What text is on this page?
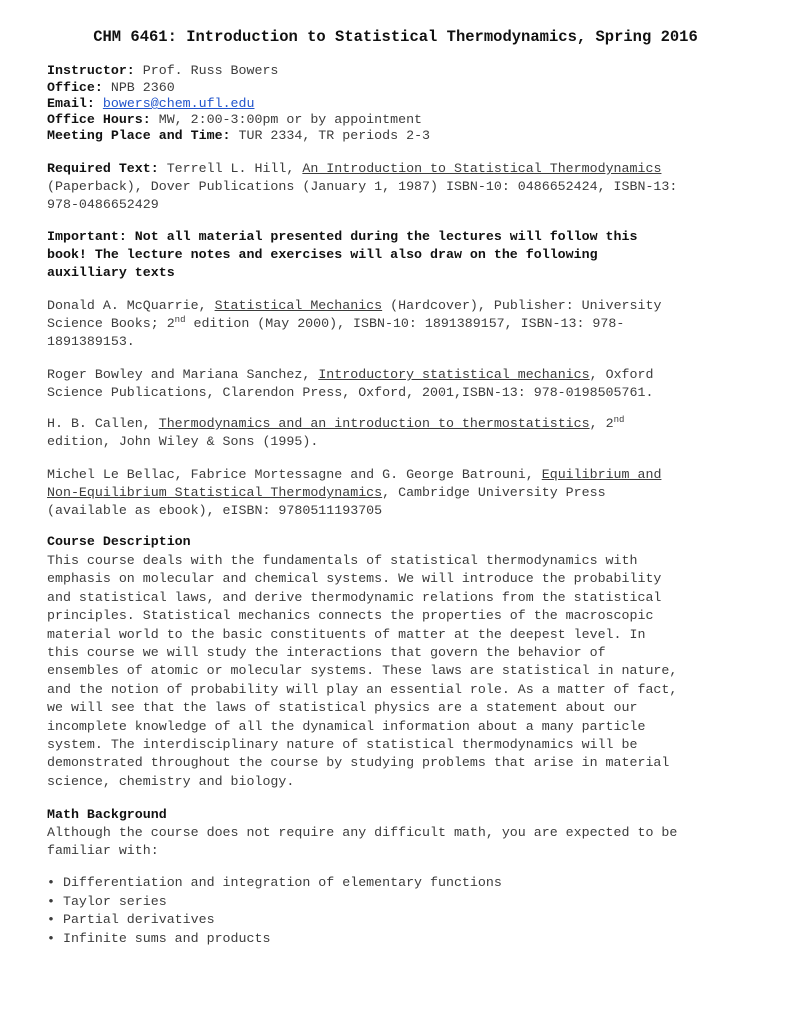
CHM 6461: Introduction to Statistical Thermodynamics, Spring 2016
Instructor: Prof. Russ Bowers
Office: NPB 2360
Email: bowers@chem.ufl.edu
Office Hours: MW, 2:00-3:00pm or by appointment
Meeting Place and Time: TUR 2334, TR periods 2-3
Required Text: Terrell L. Hill, An Introduction to Statistical Thermodynamics
(Paperback), Dover Publications (January 1, 1987) ISBN-10: 0486652424, ISBN-13:
978-0486652429
Important: Not all material presented during the lectures will follow this
book! The lecture notes and exercises will also draw on the following
auxilliary texts
Donald A. McQuarrie, Statistical Mechanics (Hardcover), Publisher: University
Science Books; 2nd edition (May 2000), ISBN-10: 1891389157, ISBN-13: 978-
1891389153.
Roger Bowley and Mariana Sanchez, Introductory statistical mechanics, Oxford
Science Publications, Clarendon Press, Oxford, 2001,ISBN-13: 978-0198505761.
H. B. Callen, Thermodynamics and an introduction to thermostatistics, 2nd
edition, John Wiley & Sons (1995).
Michel Le Bellac, Fabrice Mortessagne and G. George Batrouni, Equilibrium and
Non-Equilibrium Statistical Thermodynamics, Cambridge University Press
(available as ebook), eISBN: 9780511193705
Course Description
This course deals with the fundamentals of statistical thermodynamics with
emphasis on molecular and chemical systems. We will introduce the probability
and statistical laws, and derive thermodynamic relations from the statistical
principles. Statistical mechanics connects the properties of the macroscopic
material world to the basic constituents of matter at the deepest level. In
this course we will study the interactions that govern the behavior of
ensembles of atomic or molecular systems. These laws are statistical in nature,
and the notion of probability will play an essential role. As a matter of fact,
we will see that the laws of statistical physics are a statement about our
incomplete knowledge of all the dynamical information about a many particle
system. The interdisciplinary nature of statistical thermodynamics will be
demonstrated throughout the course by studying problems that arise in material
science, chemistry and biology.
Math Background
Although the course does not require any difficult math, you are expected to be
familiar with:
• Differentiation and integration of elementary functions
• Taylor series
• Partial derivatives
• Infinite sums and products
